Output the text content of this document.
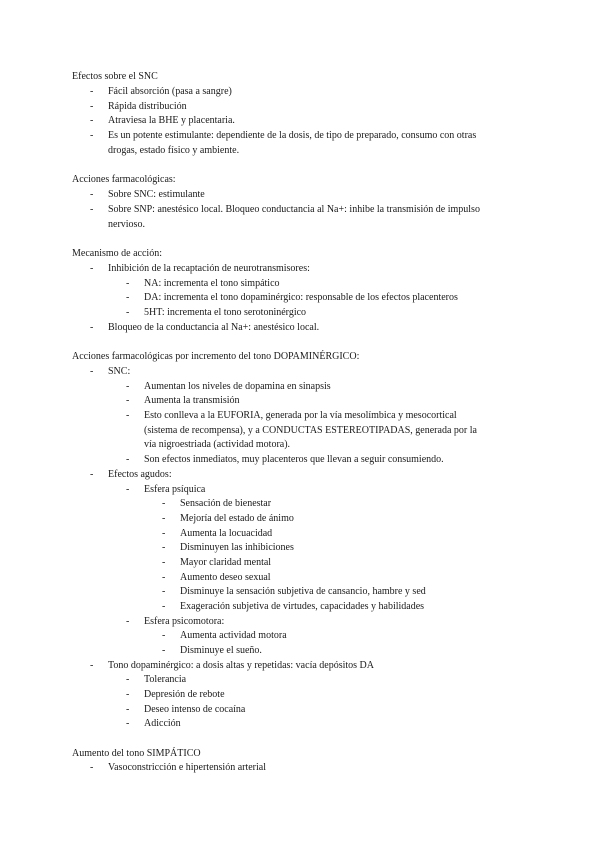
Efectos sobre el SNC
- Fácil absorción (pasa a sangre)
- Rápida distribución
- Atraviesa la BHE y placentaria.
- Es un potente estimulante: dependiente de la dosis, de tipo de preparado, consumo con otras
drogas, estado físico y ambiente.
Acciones farmacológicas:
- Sobre SNC: estimulante
- Sobre SNP: anestésico local. Bloqueo conductancia al Na+: inhibe la transmisión de impulso
nervioso.
Mecanismo de acción:
- Inhibición de la recaptación de neurotransmisores:
- NA: incrementa el tono simpático
- DA: incrementa el tono dopaminérgico: responsable de los efectos placenteros
- 5HT: incrementa el tono serotoninérgico
- Bloqueo de la conductancia al Na+: anestésico local.
Acciones farmacológicas por incremento del tono DOPAMINÉRGICO:
- SNC:
- Aumentan los niveles de dopamina en sinapsis
- Aumenta la transmisión
- Esto conlleva a la EUFORIA, generada por la vía mesolímbica y mesocortical
(sistema de recompensa), y a CONDUCTAS ESTEREOTIPADAS, generada por la
vía nigroestriada (actividad motora).
- Son efectos inmediatos, muy placenteros que llevan a seguir consumiendo.
- Efectos agudos:
- Esfera psíquica
- Sensación de bienestar
- Mejoría del estado de ánimo
- Aumenta la locuacidad
- Disminuyen las inhibiciones
- Mayor claridad mental
- Aumento deseo sexual
- Disminuye la sensación subjetiva de cansancio, hambre y sed
- Exageración subjetiva de virtudes, capacidades y habilidades
- Esfera psicomotora:
- Aumenta actividad motora
- Disminuye el sueño.
- Tono dopaminérgico: a dosis altas y repetidas: vacía depósitos DA
- Tolerancia
- Depresión de rebote
- Deseo intenso de cocaína
- Adicción
Aumento del tono SIMPÁTICO
- Vasoconstricción e hipertensión arterial
